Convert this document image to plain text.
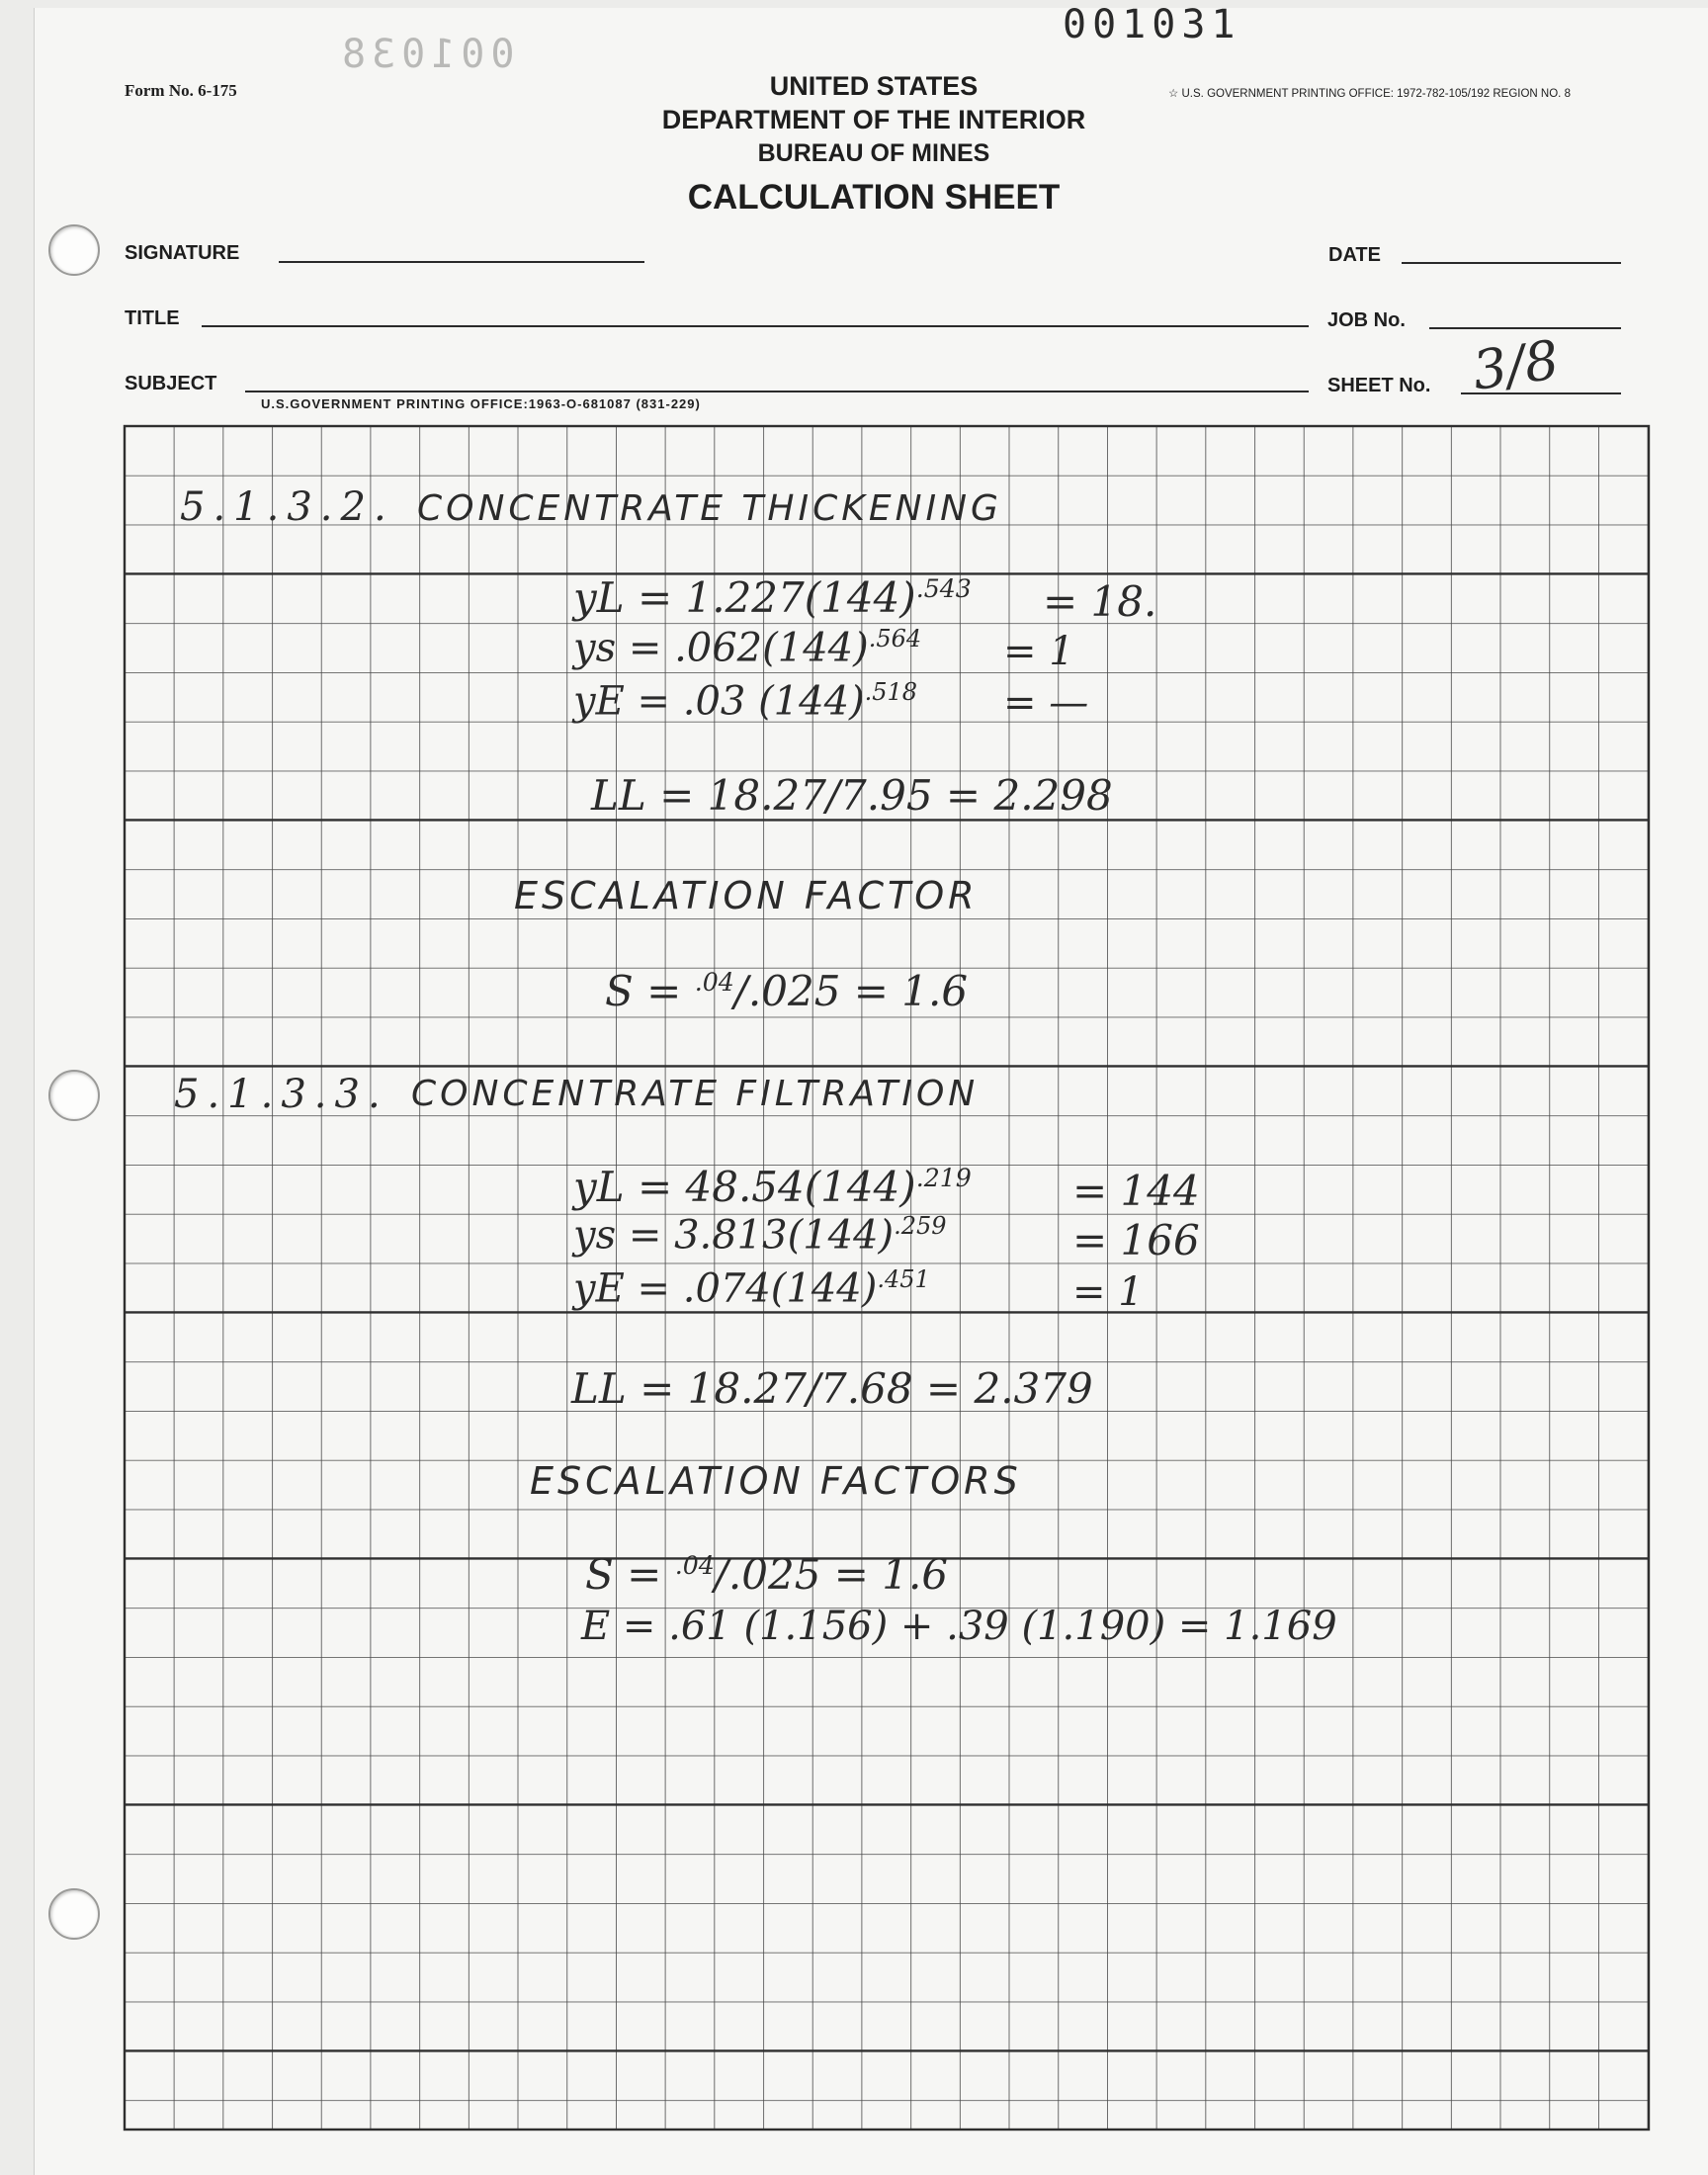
001031
001038
Form No. 6-175	☆ U.S. GOVERNMENT PRINTING OFFICE: 1972-782-105/192 REGION NO. 8
UNITED STATES
DEPARTMENT OF THE INTERIOR
BUREAU OF MINES
CALCULATION SHEET
SIGNATURE	DATE
TITLE	JOB No.
SUBJECT
U.S.GOVERNMENT PRINTING OFFICE:1963-O-681087 (831-229)
SHEET No. 3/8
5.1.3.2. CONCENTRATE THICKENING
yL = $1.227(144)^{.543} = 18$.
ys = $.062(144)^{.564} = 1$
yE = .03 $(144)^{.518}$ = —
LL = 18.27/7.95 = 2.298
ESCALATION FACTOR
S = $^{.04}$/.025 = 1.6
5.1.3.3. CONCENTRATE FILTRATION
yL = $48.54(144)^{.219} = 144$
ys = $3.813(144)^{.259}$	= 166
yE = $.074(144)^{.451}$	= 1
LL = 18.27/7.68 = 2.379
ESCALATION FACTORS
S = $^{.04}$/.025 = 1.6
E = .61 (1.156) + .39 (1.190) = 1.169
